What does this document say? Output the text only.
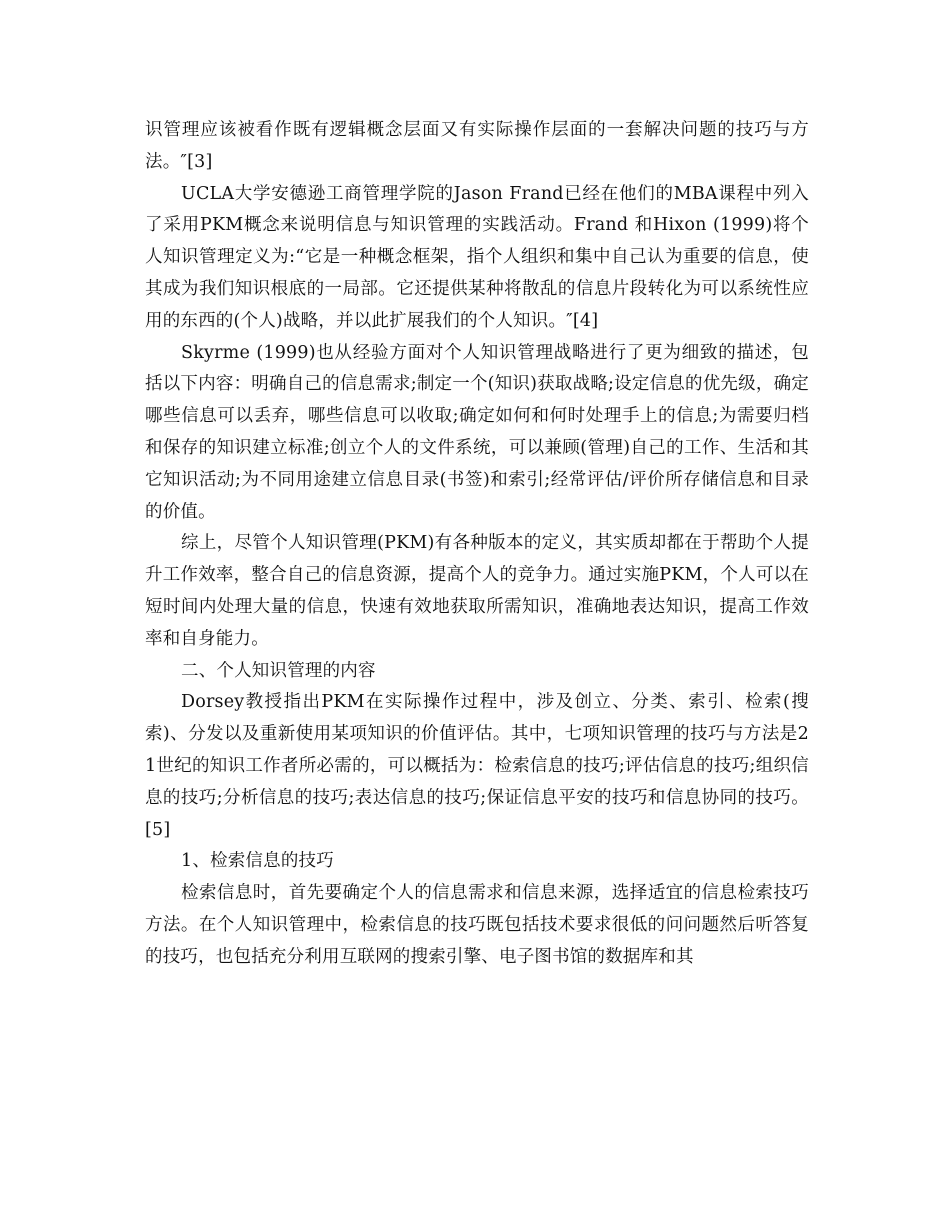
识管理应该被看作既有逻辑概念层面又有实际操作层面的一套解决问题的技巧与方法。″[3]

UCLA大学安德逊工商管理学院的Jason Frand已经在他们的MBA课程中列入了采用PKM概念来说明信息与知识管理的实践活动。Frand 和Hixon (1999)将个人知识管理定义为:“它是一种概念框架，指个人组织和集中自己认为重要的信息，使其成为我们知识根底的一局部。它还提供某种将散乱的信息片段转化为可以系统性应用的东西的(个人)战略，并以此扩展我们的个人知识。″[4]

Skyrme (1999)也从经验方面对个人知识管理战略进行了更为细致的描述，包括以下内容：明确自己的信息需求;制定一个(知识)获取战略;设定信息的优先级，确定哪些信息可以丢弃，哪些信息可以收取;确定如何和何时处理手上的信息;为需要归档和保存的知识建立标准;创立个人的文件系统，可以兼顾(管理)自己的工作、生活和其它知识活动;为不同用途建立信息目录(书签)和索引;经常评估/评价所存储信息和目录的价值。

综上，尽管个人知识管理(PKM)有各种版本的定义，其实质却都在于帮助个人提升工作效率，整合自己的信息资源，提高个人的竞争力。通过实施PKM，个人可以在短时间内处理大量的信息，快速有效地获取所需知识，准确地表达知识，提高工作效率和自身能力。

二、个人知识管理的内容

Dorsey教授指出PKM在实际操作过程中，涉及创立、分类、索引、检索(搜索)、分发以及重新使用某项知识的价值评估。其中，七项知识管理的技巧与方法是21世纪的知识工作者所必需的，可以概括为：检索信息的技巧;评估信息的技巧;组织信息的技巧;分析信息的技巧;表达信息的技巧;保证信息平安的技巧和信息协同的技巧。[5]

1、检索信息的技巧

检索信息时，首先要确定个人的信息需求和信息来源，选择适宜的信息检索技巧方法。在个人知识管理中，检索信息的技巧既包括技术要求很低的问问题然后听答复的技巧，也包括充分利用互联网的搜索引擎、电子图书馆的数据库和其
